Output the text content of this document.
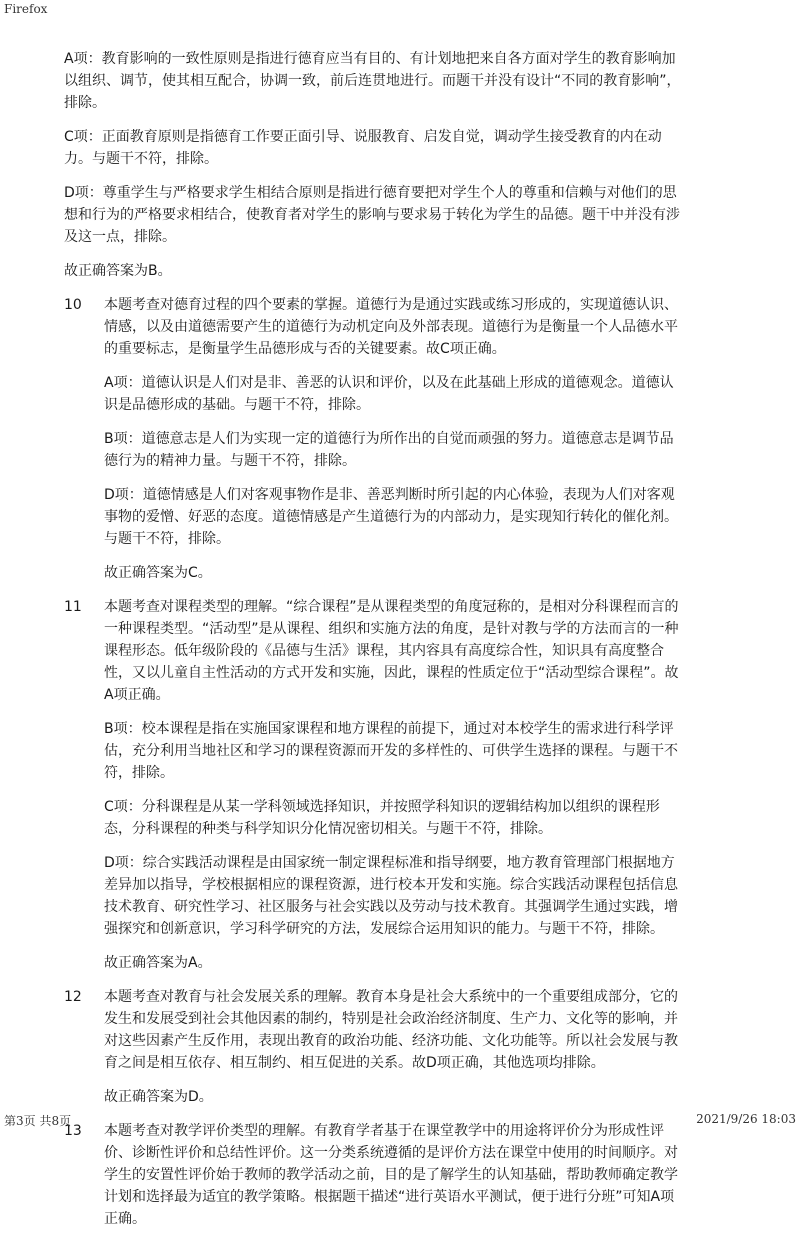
Firefox

A项：教育影响的一致性原则是指进行德育应当有目的、有计划地把来自各方面对学生的教育影响加以组织、调节，使其相互配合，协调一致，前后连贯地进行。而题干并没有设计“不同的教育影响”，排除。

C项：正面教育原则是指德育工作要正面引导、说服教育、启发自觉，调动学生接受教育的内在动力。与题干不符，排除。

D项：尊重学生与严格要求学生相结合原则是指进行德育要把对学生个人的尊重和信赖与对他们的思想和行为的严格要求相结合，使教育者对学生的影响与要求易于转化为学生的品德。题干中并没有涉及这一点，排除。

故正确答案为B。

10 本题考查对德育过程的四个要素的掌握。道德行为是通过实践或练习形成的，实现道德认识、情感，以及由道德需要产生的道德行为动机定向及外部表现。道德行为是衡量一个人品德水平的重要标志，是衡量学生品德形成与否的关键要素。故C项正确。

A项：道德认识是人们对是非、善恶的认识和评价，以及在此基础上形成的道德观念。道德认识是品德形成的基础。与题干不符，排除。

B项：道德意志是人们为实现一定的道德行为所作出的自觉而顽强的努力。道德意志是调节品德行为的精神力量。与题干不符，排除。

D项：道德情感是人们对客观事物作是非、善恶判断时所引起的内心体验，表现为人们对客观事物的爱憎、好恶的态度。道德情感是产生道德行为的内部动力，是实现知行转化的催化剂。与题干不符，排除。

故正确答案为C。

11 本题考查对课程类型的理解。“综合课程”是从课程类型的角度冠称的，是相对分科课程而言的一种课程类型。“活动型”是从课程、组织和实施方法的角度，是针对教与学的方法而言的一种课程形态。低年级阶段的《品德与生活》课程，其内容具有高度综合性，知识具有高度整合性，又以儿童自主性活动的方式开发和实施，因此，课程的性质定位于“活动型综合课程”。故A项正确。

B项：校本课程是指在实施国家课程和地方课程的前提下，通过对本校学生的需求进行科学评估，充分利用当地社区和学习的课程资源而开发的多样性的、可供学生选择的课程。与题干不符，排除。

C项：分科课程是从某一学科领域选择知识，并按照学科知识的逻辑结构加以组织的课程形态，分科课程的种类与科学知识分化情况密切相关。与题干不符，排除。

D项：综合实践活动课程是由国家统一制定课程标准和指导纲要，地方教育管理部门根据地方差异加以指导，学校根据相应的课程资源，进行校本开发和实施。综合实践活动课程包括信息技术教育、研究性学习、社区服务与社会实践以及劳动与技术教育。其强调学生通过实践，增强探究和创新意识，学习科学研究的方法，发展综合运用知识的能力。与题干不符，排除。

故正确答案为A。

12 本题考查对教育与社会发展关系的理解。教育本身是社会大系统中的一个重要组成部分，它的发生和发展受到社会其他因素的制约，特别是社会政治经济制度、生产力、文化等的影响，并对这些因素产生反作用，表现出教育的政治功能、经济功能、文化功能等。所以社会发展与教育之间是相互依存、相互制约、相互促进的关系。故D项正确，其他选项均排除。

故正确答案为D。

13 本题考查对教学评价类型的理解。有教育学者基于在课堂教学中的用途将评价分为形成性评价、诊断性评价和总结性评价。这一分类系统遵循的是评价方法在课堂中使用的时间顺序。对学生的安置性评价始于教师的教学活动之前，目的是了解学生的认知基础，帮助教师确定教学计划和选择最为适宜的教学策略。根据题干描述“进行英语水平测试，便于进行分班”可知A项正确。

第3页 共8页	2021/9/26 18:03
